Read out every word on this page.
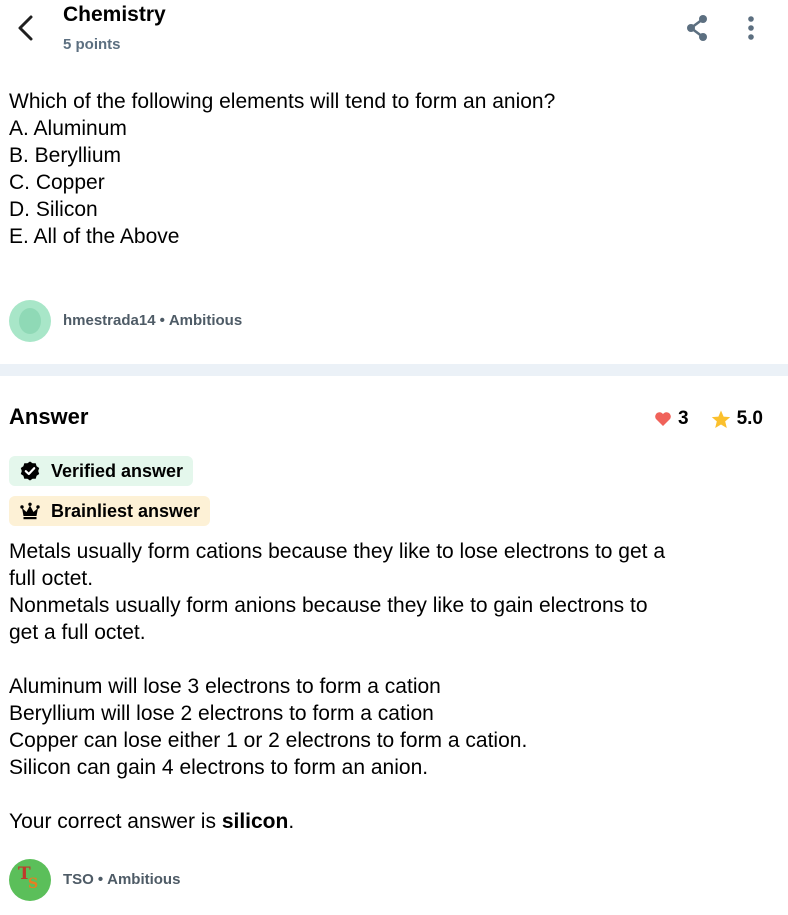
Chemistry
5 points
Which of the following elements will tend to form an anion?
A. Aluminum
B. Beryllium
C. Copper
D. Silicon
E. All of the Above
hmestrada14 • Ambitious
Answer	3	5.0
Verified answer
Brainliest answer
Metals usually form cations because they like to lose electrons to get a
full octet.
Nonmetals usually form anions because they like to gain electrons to
get a full octet.
Aluminum will lose 3 electrons to form a cation
Beryllium will lose 2 electrons to form a cation
Copper can lose either 1 or 2 electrons to form a cation.
Silicon can gain 4 electrons to form an anion.
Your correct answer is silicon.
T
S TSO • Ambitious
